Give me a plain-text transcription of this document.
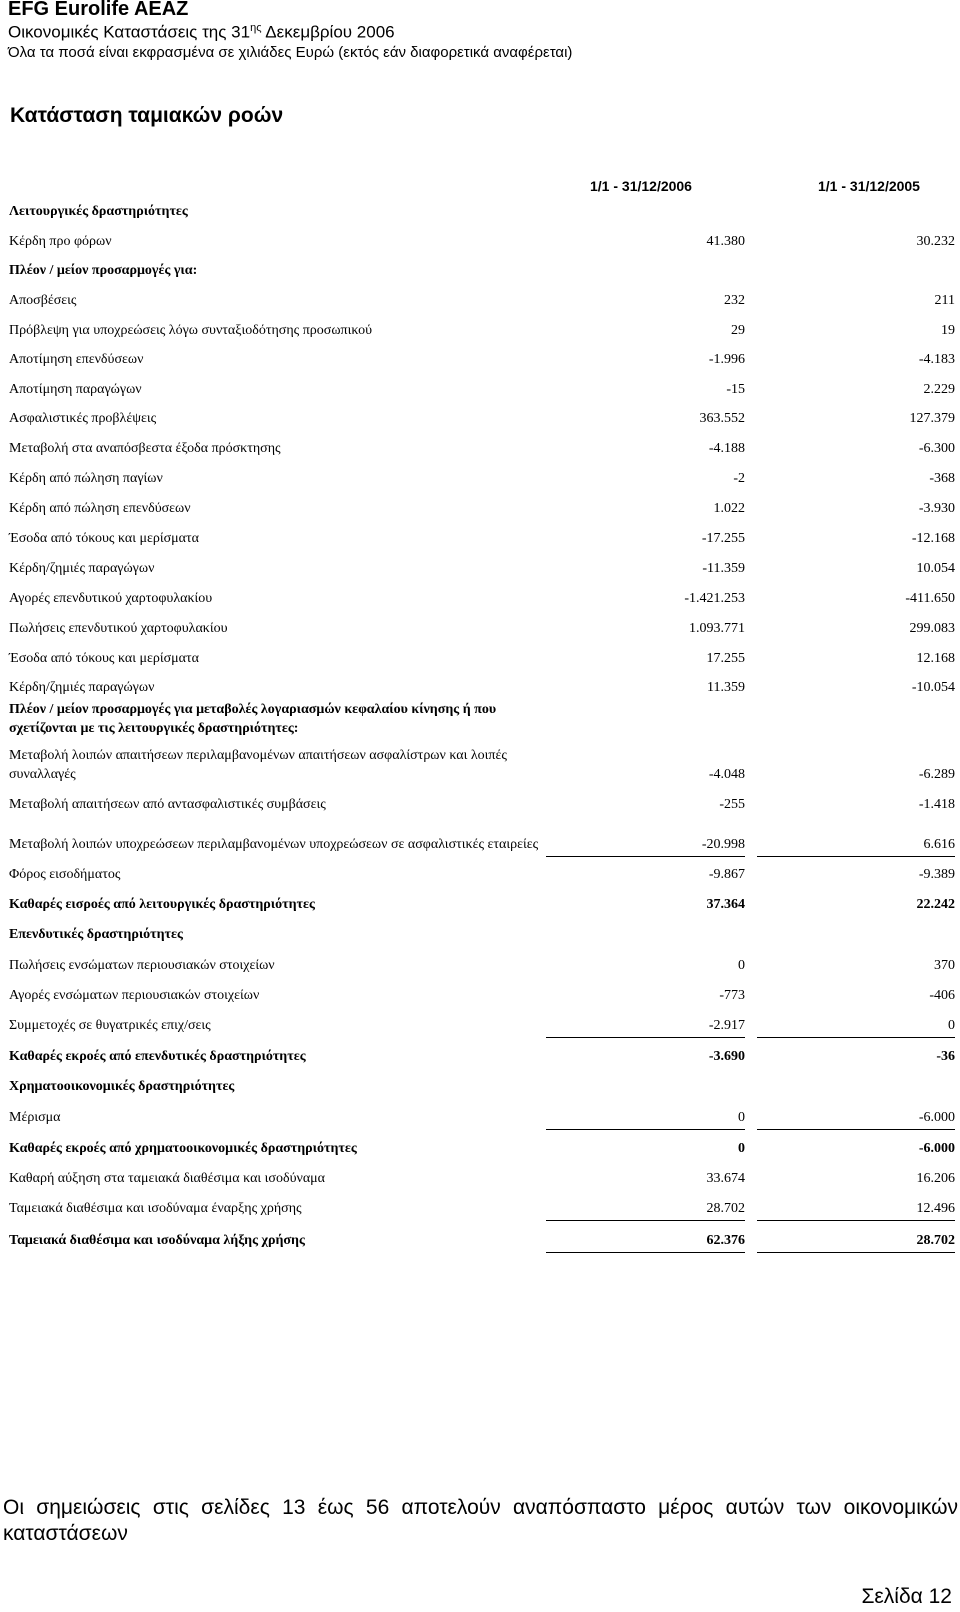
EFG Eurolife AEAZ
Οικονομικές Καταστάσεις της $31^{\eta\varsigma}$ Δεκεμβρίου 2006
Όλα τα ποσά είναι εκφρασμένα σε χιλιάδες Ευρώ (εκτός εάν διαφορετικά αναφέρεται)
Κατάσταση ταμιακών ροών
1/1 - 31/12/2006	1/1 - 31/12/2005
Λειτουργικές δραστηριότητες
Κέρδη προ φόρων	41.380	30.232
Πλέον / μείον προσαρμογές για:
Αποσβέσεις	232	211
Πρόβλεψη για υποχρεώσεις λόγω συνταξιοδότησης προσωπικού	29	19
Αποτίμηση επενδύσεων	-1.996	-4.183
Αποτίμηση παραγώγων	-15	2.229
Ασφαλιστικές προβλέψεις	363.552	127.379
Μεταβολή στα αναπόσβεστα έξοδα πρόσκτησης	-4.188	-6.300
Κέρδη από πώληση παγίων	-2	-368
Κέρδη από πώληση επενδύσεων	1.022	-3.930
Έσοδα από τόκους και μερίσματα	-17.255	-12.168
Κέρδη/ζημιές παραγώγων	-11.359	10.054
Αγορές επενδυτικού χαρτοφυλακίου	-1.421.253	-411.650
Πωλήσεις επενδυτικού χαρτοφυλακίου	1.093.771	299.083
Έσοδα από τόκους και μερίσματα	17.255	12.168
Κέρδη/ζημιές παραγώγων	11.359	-10.054
Πλέον / μείον προσαρμογές για μεταβολές λογαριασμών κεφαλαίου κίνησης ή που σχετίζονται με τις λειτουργικές δραστηριότητες:
Μεταβολή λοιπών απαιτήσεων περιλαμβανομένων απαιτήσεων ασφαλίστρων και λοιπές συναλλαγές	-4.048	-6.289
Μεταβολή απαιτήσεων από αντασφαλιστικές συμβάσεις	-255	-1.418
Μεταβολή λοιπών υποχρεώσεων περιλαμβανομένων υποχρεώσεων σε ασφαλιστικές εταιρείες	-20.998	6.616
Φόρος εισοδήματος	-9.867	-9.389
Καθαρές εισροές από λειτουργικές δραστηριότητες	37.364	22.242
Επενδυτικές δραστηριότητες
Πωλήσεις ενσώματων περιουσιακών στοιχείων	0	370
Αγορές ενσώματων περιουσιακών στοιχείων	-773	-406
Συμμετοχές σε θυγατρικές επιχ/σεις	-2.917	0
Καθαρές εκροές από επενδυτικές δραστηριότητες	-3.690	-36
Χρηματοοικονομικές δραστηριότητες
Μέρισμα	0	-6.000
Καθαρές εκροές από χρηματοοικονομικές δραστηριότητες	0	-6.000
Καθαρή αύξηση στα ταμειακά διαθέσιμα και ισοδύναμα	33.674	16.206
Ταμειακά διαθέσιμα και ισοδύναμα έναρξης χρήσης	28.702	12.496
Ταμειακά διαθέσιμα και ισοδύναμα λήξης χρήσης	62.376	28.702
Οι σημειώσεις στις σελίδες 13 έως 56 αποτελούν αναπόσπαστο μέρος αυτών των οικονομικών καταστάσεων
Σελίδα 12
